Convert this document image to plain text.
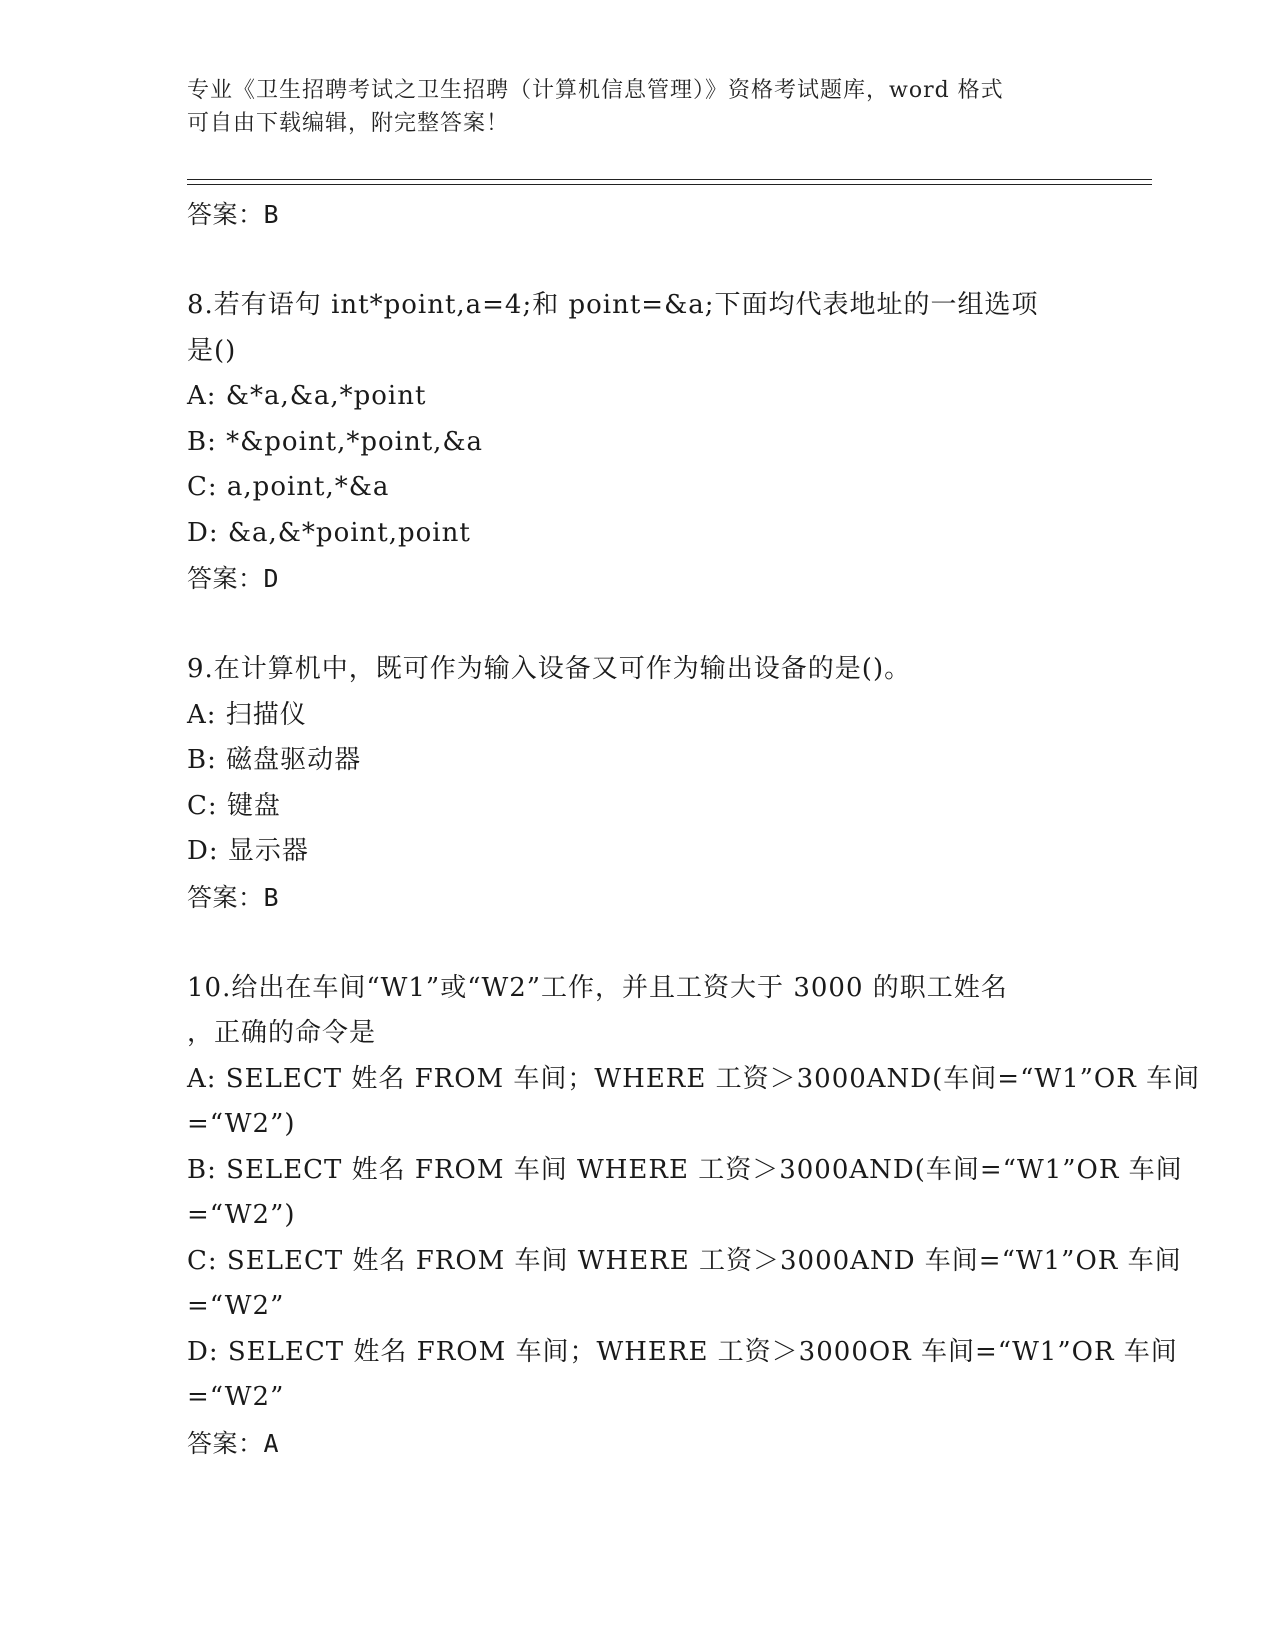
专业《卫生招聘考试之卫生招聘（计算机信息管理）》资格考试题库，word 格式
可自由下载编辑，附完整答案！
答案：B
8.若有语句 int*point,a=4;和 point=&a;下面均代表地址的一组选项
是()
A: &*a,&a,*point
B: *&point,*point,&a
C: a,point,*&a
D: &a,&*point,point
答案：D
9.在计算机中，既可作为输入设备又可作为输出设备的是()。
A: 扫描仪
B: 磁盘驱动器
C: 键盘
D: 显示器
答案：B
10.给出在车间“W1”或“W2”工作，并且工资大于 3000 的职工姓名
，正确的命令是
A: SELECT 姓名 FROM 车间；WHERE 工资＞3000AND(车间=“W1”OR 车间
=“W2”)
B: SELECT 姓名 FROM 车间 WHERE 工资＞3000AND(车间=“W1”OR 车间
=“W2”)
C: SELECT 姓名 FROM 车间 WHERE 工资＞3000AND 车间=“W1”OR 车间
=“W2”
D: SELECT 姓名 FROM 车间；WHERE 工资＞3000OR 车间=“W1”OR 车间
=“W2”
答案：A
